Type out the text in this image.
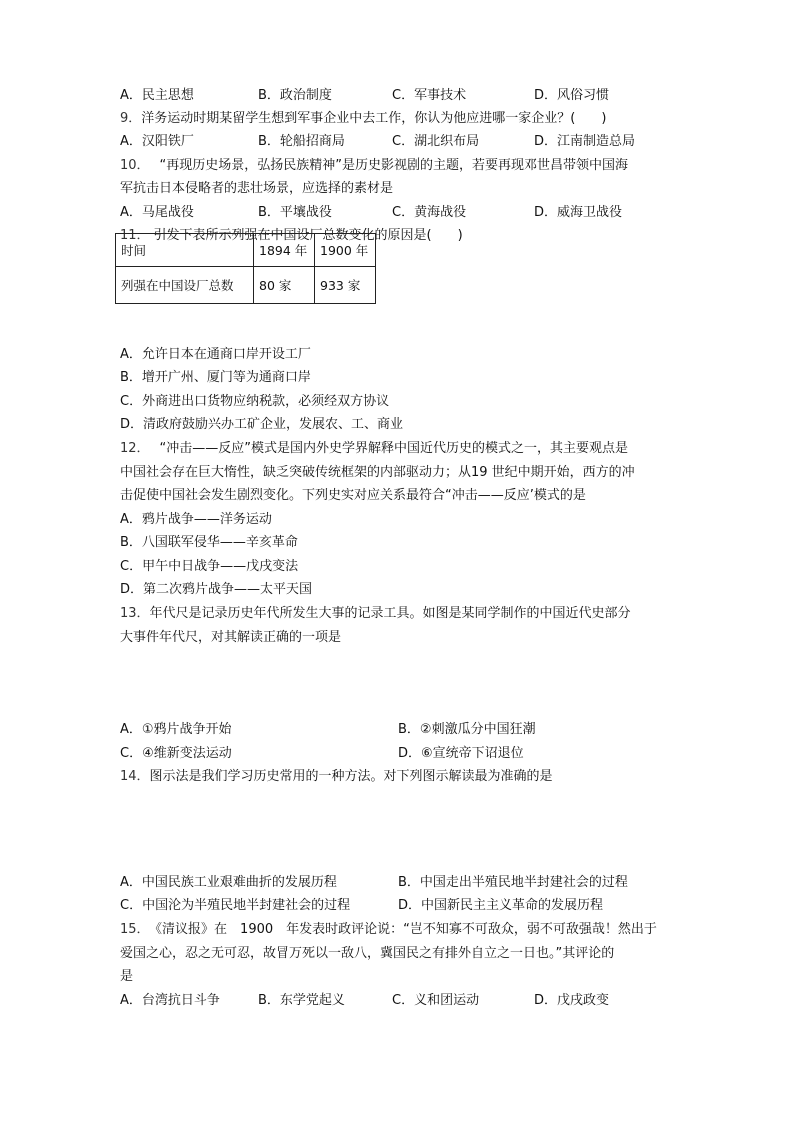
A．民主思想	B．政治制度	C．军事技术	D．风俗习惯
9．洋务运动时期某留学生想到军事企业中去工作，你认为他应进哪一家企业？(　　)
A．汉阳铁厂	B．轮船招商局	C．湖北织布局	D．江南制造总局
10． “再现历史场景，弘扬民族精神”是历史影视剧的主题，若要再现邓世昌带领中国海
军抗击日本侵略者的悲壮场景，应选择的素材是
A．马尾战役	B．平壤战役	C．黄海战役	D．威海卫战役
11． 引发下表所示列强在中国设厂总数变化的原因是(　　)
时间	1894 年	1900 年
列强在中国设厂总数	80 家	933 家
A．允许日本在通商口岸开设工厂
B．增开广州、厦门等为通商口岸
C．外商进出口货物应纳税款，必须经双方协议
D．清政府鼓励兴办工矿企业，发展农、工、商业
12． “冲击——反应”模式是国内外史学界解释中国近代历史的模式之一，其主要观点是
中国社会存在巨大惰性，缺乏突破传统框架的内部驱动力；从19 世纪中期开始，西方的冲
击促使中国社会发生剧烈变化。下列史实对应关系最符合“冲击——反应’模式的是
A．鸦片战争——洋务运动
B．八国联军侵华——辛亥革命
C．甲午中日战争——戊戌变法
D．第二次鸦片战争——太平天国
13．年代尺是记录历史年代所发生大事的记录工具。如图是某同学制作的中国近代史部分
大事件年代尺，对其解读正确的一项是
A．①鸦片战争开始	B．②刺激瓜分中国狂潮
C．④维新变法运动	D．⑥宣统帝下诏退位
14．图示法是我们学习历史常用的一种方法。对下列图示解读最为准确的是
A．中国民族工业艰难曲折的发展历程	B．中国走出半殖民地半封建社会的过程
C．中国沦为半殖民地半封建社会的过程	D．中国新民主主义革命的发展历程
15． 《清议报》在　1900　年发表时政评论说：“岂不知寡不可敌众，弱不可敌强哉！然出于
爱国之心，忍之无可忍，故冒万死以一敌八，冀国民之有排外自立之一日也。”其评论的
是
A．台湾抗日斗争	B．东学党起义	C．义和团运动	D．戊戌政变
